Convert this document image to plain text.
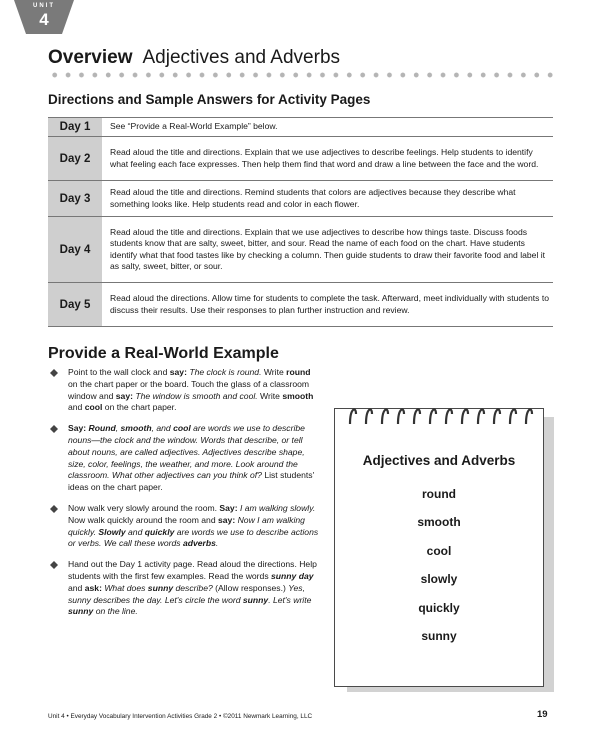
UNIT
4
Overview Adjectives and Adverbs
Directions and Sample Answers for Activity Pages
Day 1	See “Provide a Real-World Example” below.
Day 2	Read aloud the title and directions. Explain that we use adjectives to describe feelings. Help students to identify what feeling each face expresses. Then help them find that word and draw a line between the face and the word.
Day 3	Read aloud the title and directions. Remind students that colors are adjectives because they describe what something looks like. Help students read and color in each flower.
Day 4	Read aloud the title and directions. Explain that we use adjectives to describe how things taste. Discuss foods students know that are salty, sweet, bitter, and sour. Read the name of each food on the chart. Have students identify what that food tastes like by checking a column. Then guide students to draw their favorite food and label it as salty, sweet, bitter, or sour.
Day 5	Read aloud the directions. Allow time for students to complete the task. Afterward, meet individually with students to discuss their results. Use their responses to plan further instruction and review.
Provide a Real-World Example
Point to the wall clock and say: The clock is round. Write round on the chart paper or the board. Touch the glass of a classroom window and say: The window is smooth and cool. Write smooth and cool on the chart paper.
Say: Round, smooth, and cool are words we use to describe nouns—the clock and the window. Words that describe, or tell about nouns, are called adjectives. Adjectives describe shape, size, color, feelings, the weather, and more. Look around the classroom. What other adjectives can you think of? List students' ideas on the chart paper.
Now walk very slowly around the room. Say: I am walking slowly. Now walk quickly around the room and say: Now I am walking quickly. Slowly and quickly are words we use to describe actions or verbs. We call these words adverbs.
Hand out the Day 1 activity page. Read aloud the directions. Help students with the first few examples. Read the words sunny day and ask: What does sunny describe? (Allow responses.) Yes, sunny describes the day. Let's circle the word sunny. Let's write sunny on the line.
Adjectives and Adverbs
round
smooth
cool
slowly
quickly
sunny
Unit 4 • Everyday Vocabulary Intervention Activities Grade 2 • ©2011 Newmark Learning, LLC	19
